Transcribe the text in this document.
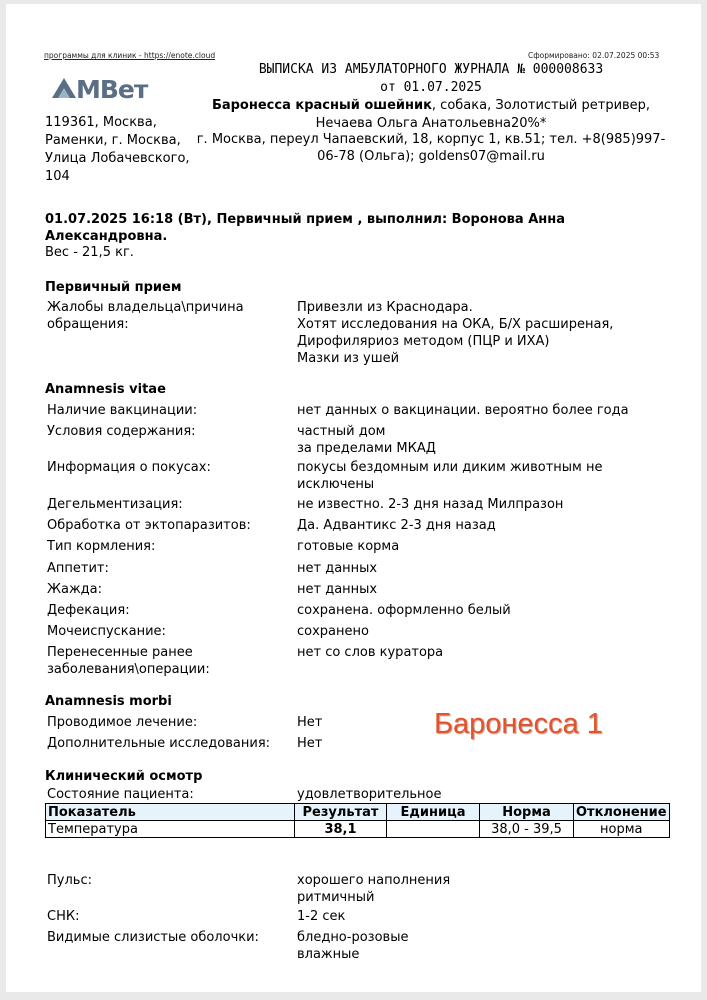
программы для клиник - https://enote.cloud	Сформировано: 02.07.2025 00:53
MBет
119361, Москва, Раменки, г. Москва, Улица Лобачевского, 104
ВЫПИСКА ИЗ АМБУЛАТОРНОГО ЖУРНАЛА № 000008633
от 01.07.2025
Баронесса красный ошейник, собака, Золотистый ретривер,
Нечаева Ольга Анатольевна20%*
г. Москва, переул Чапаевский, 18, корпус 1, кв.51; тел. +8(985)997-06-78 (Ольга); goldens07@mail.ru
01.07.2025 16:18 (Вт), Первичный прием , выполнил: Воронова Анна Александровна.
Вес - 21,5 кг.
Первичный прием
Жалобы владельца\причина обращения:
Привезли из Краснодара.
Хотят исследования на ОКА, Б/Х расширеная, Дирофиляриоз методом (ПЦР и ИХА)
Мазки из ушей
Anamnesis vitae
Наличие вакцинации:	нет данных о вакцинации. вероятно более года
Условия содержания:	частный дом
за пределами МКАД
Информация о покусах:	покусы бездомным или диким животным не исключены
Дегельментизация:	не известно. 2-3 дня назад Милпразон
Обработка от эктопаразитов:	Да. Адвантикс 2-3 дня назад
Тип кормления:	готовые корма
Аппетит:	нет данных
Жажда:	нет данных
Дефекация:	сохранена. оформленно белый
Мочеиспускание:	сохранено
Перенесенные ранее заболевания\операции:
нет со слов куратора
Anamnesis morbi
Проводимое лечение:	Нет
Дополнительные исследования:	Нет
Баронесса 1
Клинический осмотр
Состояние пациента:	удовлетворительное
Показатель	Результат	Единица	Норма	Отклонение
Температура	38,1		38,0 - 39,5	норма
Пульс:	хорошего наполнения
ритмичный
СНК:	1-2 сек
Видимые слизистые оболочки:	бледно-розовые
влажные
